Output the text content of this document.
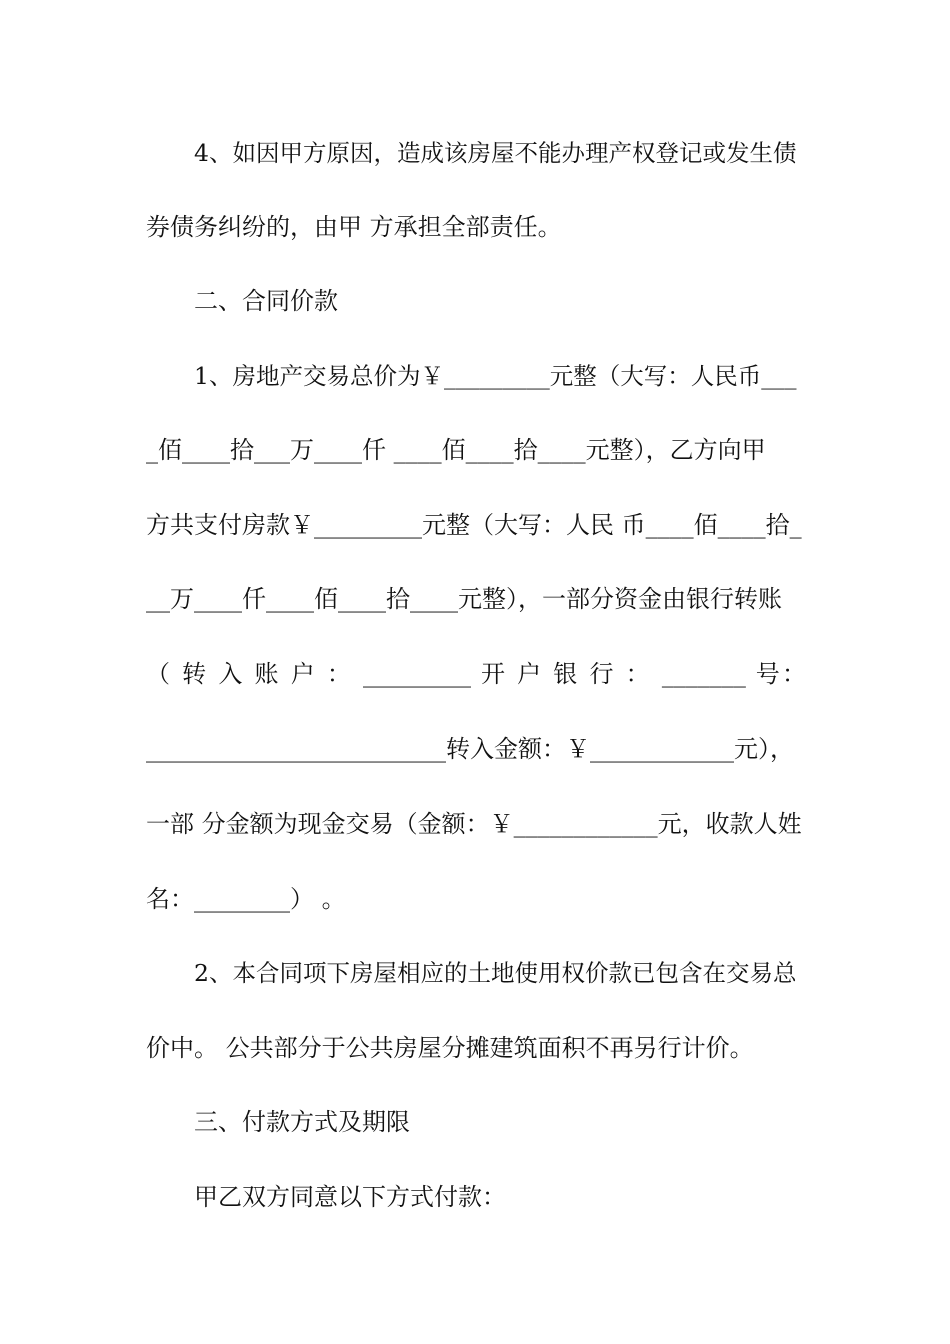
4、如因甲方原因，造成该房屋不能办理产权登记或发生债

券债务纠纷的，由甲 方承担全部责任。

二、合同价款

1、房地产交易总价为￥_________元整（大写：人民币___

_佰____拾___万____仟 ____佰____拾____元整），乙方向甲

方共支付房款￥_________元整（大写：人民 币____佰____拾_

__万____仟____佰____拾____元整），一部分资金由银行转账

（ 转 入 账 户 ： _________ 开 户 银 行 ： _______ 号：

_________________________转入金额：￥____________元），

一部 分金额为现金交易（金额：￥____________元，收款人姓

名：________） 。

2、本合同项下房屋相应的土地使用权价款已包含在交易总

价中。 公共部分于公共房屋分摊建筑面积不再另行计价。

三、付款方式及期限

甲乙双方同意以下方式付款：
